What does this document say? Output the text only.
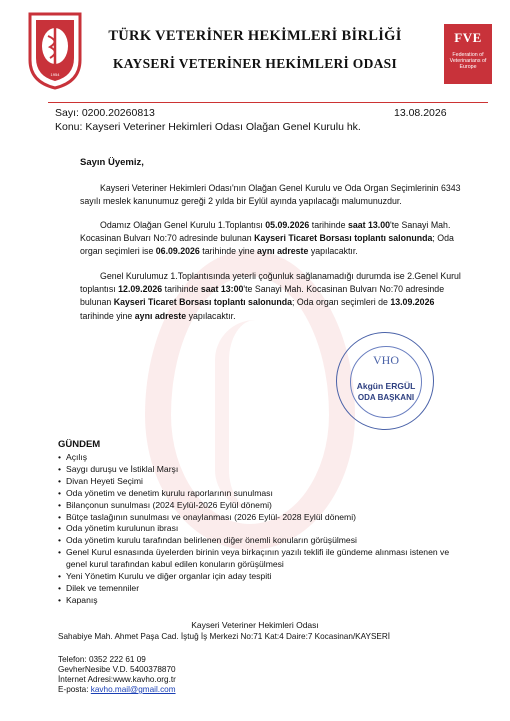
1954
TÜRK VETERİNER HEKİMLERİ BİRLİĞİ
KAYSERİ VETERİNER HEKİMLERİ ODASI
FVE
Federation of Veterinarians of Europe
Sayı: 0200.20260813	13.08.2026
Konu: Kayseri Veteriner Hekimleri Odası Olağan Genel Kurulu hk.
Sayın Üyemiz,
Kayseri Veteriner Hekimleri Odası'nın Olağan Genel Kurulu ve Oda Organ Seçimlerinin 6343 sayılı meslek kanunumuz gereği 2 yılda bir Eylül ayında yapılacağı malumunuzdur.
Odamız Olağan Genel Kurulu 1.Toplantısı 05.09.2026 tarihinde saat 13.00'te Sanayi Mah. Kocasinan Bulvarı No:70 adresinde bulunan Kayseri Ticaret Borsası toplantı salonunda; Oda organ seçimleri ise 06.09.2026 tarihinde yine aynı adreste yapılacaktır.
Genel Kurulumuz 1.Toplantısında yeterli çoğunluk sağlanamadığı durumda ise 2.Genel Kurul toplantısı 12.09.2026 tarihinde saat 13:00'te Sanayi Mah. Kocasinan Bulvarı No:70 adresinde bulunan Kayseri Ticaret Borsası toplantı salonunda; Oda organ seçimleri de 13.09.2026 tarihinde yine aynı adreste yapılacaktır.
VHO
Akgün ERGÜL
ODA BAŞKANI
GÜNDEM
• Açılış
• Saygı duruşu ve İstiklal Marşı
• Divan Heyeti Seçimi
• Oda yönetim ve denetim kurulu raporlarının sunulması
• Bilançonun sunulması (2024 Eylül-2026 Eylül dönemi)
• Bütçe taslağının sunulması ve onaylanması (2026 Eylül- 2028 Eylül dönemi)
• Oda yönetim kurulunun ibrası
• Oda yönetim kurulu tarafından belirlenen diğer önemli konuların görüşülmesi
• Genel Kurul esnasında üyelerden birinin veya birkaçının yazılı teklifi ile gündeme alınması istenen ve genel kurul tarafından kabul edilen konuların görüşülmesi
• Yeni Yönetim Kurulu ve diğer organlar için aday tespiti
• Dilek ve temenniler
• Kapanış
Kayseri Veteriner Hekimleri Odası
Sahabiye Mah. Ahmet Paşa Cad. İştuğ İş Merkezi No:71 Kat:4 Daire:7 Kocasinan/KAYSERİ
Telefon: 0352 222 61 09
GevherNesibe V.D. 5400378870
İnternet Adresi:www.kavho.org.tr
E-posta: kavho.mail@gmail.com
